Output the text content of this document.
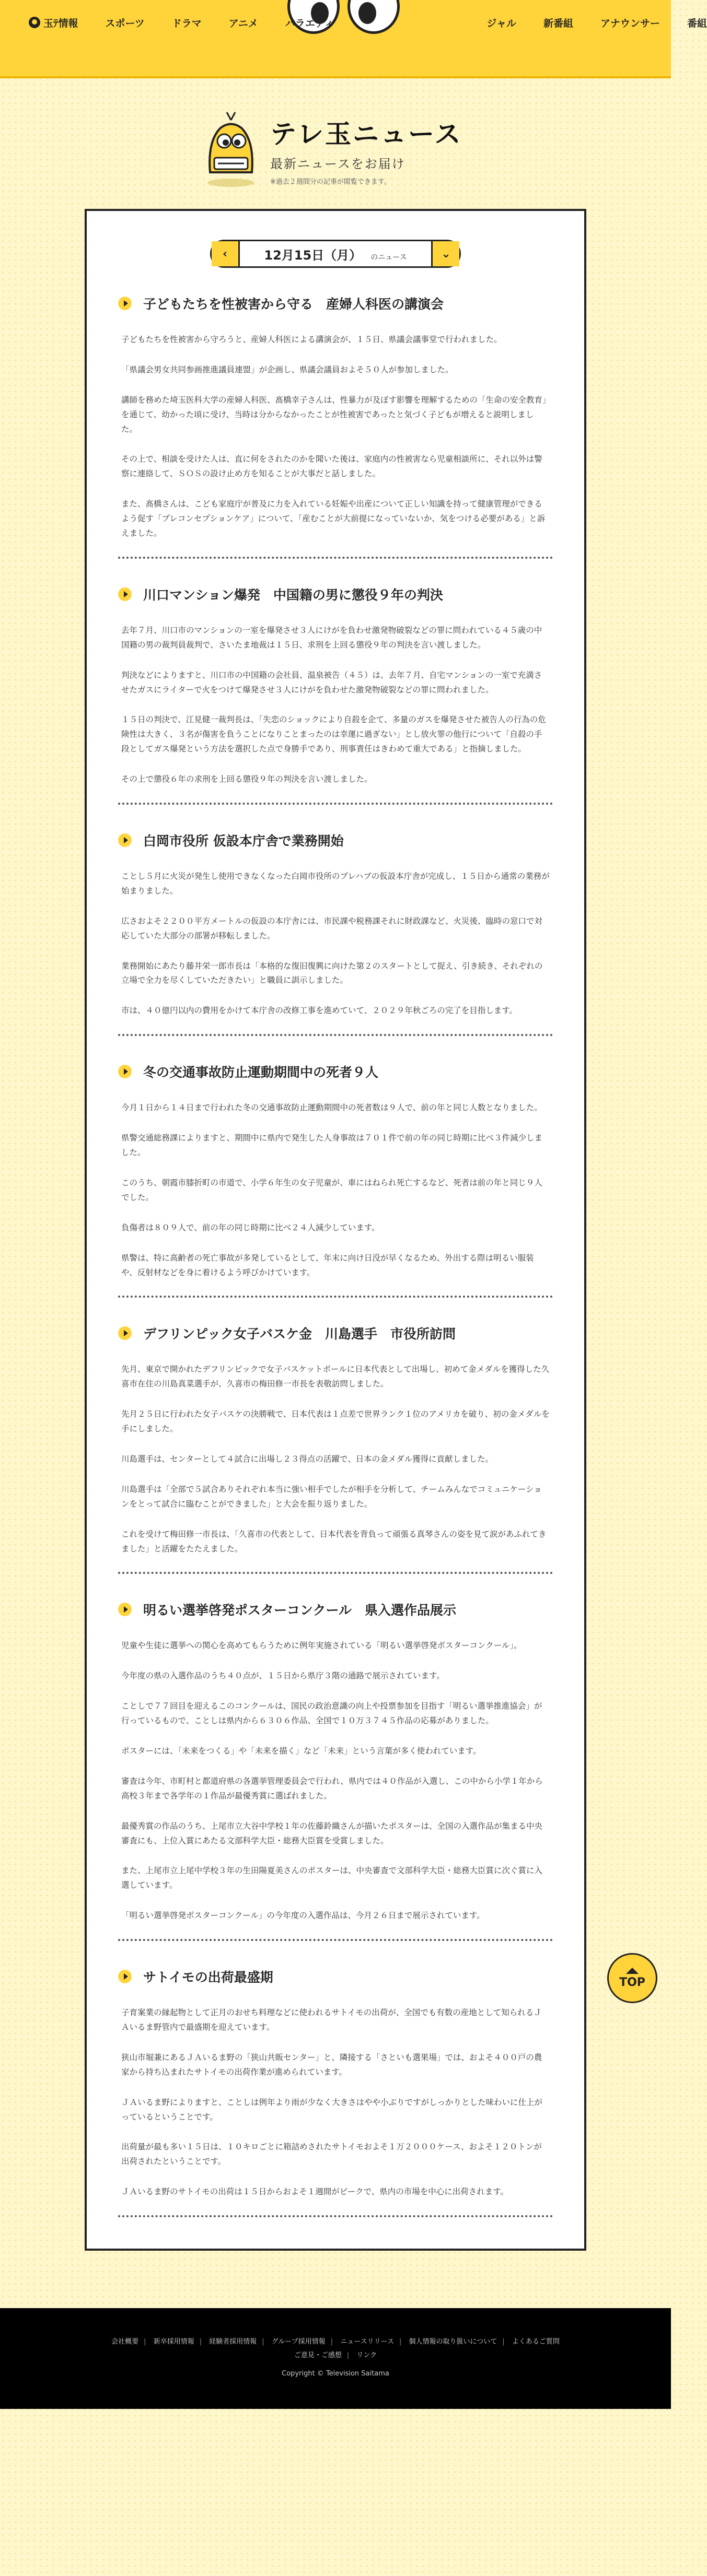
玉ﾃ情報	スポーツ	ドラマ	アニメ	バラエティ	ジャル	新番組	アナウンサー	番組
テレ玉ニュース
最新ニュースをお届け
※過去２週間分の記事が閲覧できます。
‹	12月15日（月） のニュース	⌄
子どもたちを性被害から守る　産婦人科医の講演会

子どもたちを性被害から守ろうと、産婦人科医による講演会が、１５日、県議会議事堂で行われました。

「県議会男女共同参画推進議員連盟」が企画し、県議会議員およそ５０人が参加しました。

講師を務めた埼玉医科大学の産婦人科医、髙橋幸子さんは、性暴力が及ぼす影響を理解するための「生命の安全教育」を通じて、幼かった頃に受け、当時は分からなかったことが性被害であったと気づく子どもが増えると説明しました。

その上で、相談を受けた人は、直に何をされたのかを聞いた後は、家庭内の性被害なら児童相談所に、それ以外は警察に連絡して、ＳＯＳの設け止め方を知ることが大事だと話しました。

また、髙橋さんは、こども家庭庁が普及に力を入れている妊娠や出産について正しい知識を持って健康管理ができるよう促す「プレコンセプションケア」について、「産むことが大前提になっていないか、気をつける必要がある」と訴えました。

川口マンション爆発　中国籍の男に懲役９年の判決

去年７月、川口市のマンションの一室を爆発させ３人にけがを負わせ激発物破裂などの罪に問われている４５歳の中国籍の男の裁判員裁判で、さいたま地裁は１５日、求刑を上回る懲役９年の判決を言い渡しました。

判決などによりますと、川口市の中国籍の会社員、温泉被告（４５）は、去年７月、自宅マンションの一室で充満させたガスにライターで火をつけて爆発させ３人にけがを負わせた激発物破裂などの罪に問われました。

１５日の判決で、江見健一裁判長は、「失恋のショックにより自殺を企て、多量のガスを爆発させた被告人の行為の危険性は大きく、３名が傷害を負うことになりことまったのは幸運に過ぎない」とし放火罪の他行について「自殺の手段としてガス爆発という方法を選択した点で身勝手であり、刑事責任はきわめて重大である」と指摘しました。

その上で懲役６年の求刑を上回る懲役９年の判決を言い渡しました。

白岡市役所 仮設本庁舎で業務開始

ことし５月に火災が発生し使用できなくなった白岡市役所のプレハブの仮設本庁舎が完成し、１５日から通常の業務が始まりました。

広さおよそ２２００平方メートルの仮設の本庁舎には、市民課や税務課それに財政課など、火災後、臨時の窓口で対応していた大部分の部署が移転しました。

業務開始にあたり藤井栄一郎市長は「本格的な復旧復興に向けた第２のスタートとして捉え、引き続き、それぞれの立場で全力を尽くしていただきたい」と職員に訓示しました。

市は、４０億円以内の費用をかけて本庁舎の改修工事を進めていて、２０２９年秋ごろの完了を目指します。

冬の交通事故防止運動期間中の死者９人

今月１日から１４日まで行われた冬の交通事故防止運動期間中の死者数は９人で、前の年と同じ人数となりました。

県警交通総務課によりますと、期間中に県内で発生した人身事故は７０１件で前の年の同じ時期に比べ３件減少しました。

このうち、朝霞市膝折町の市道で、小学６年生の女子児童が、車にはねられ死亡するなど、死者は前の年と同じ９人でした。

負傷者は８０９人で、前の年の同じ時期に比べ２４人減少しています。

県警は、特に高齢者の死亡事故が多発しているとして、年末に向け日没が早くなるため、外出する際は明るい服装や、反射材などを身に着けるよう呼びかけています。

デフリンピック女子バスケ金　川島選手　市役所訪問

先月、東京で開かれたデフリンピックで女子バスケットボールに日本代表として出場し、初めて金メダルを獲得した久喜市在住の川島真菜選手が、久喜市の梅田修一市長を表敬訪問しました。

先月２５日に行われた女子バスケの決勝戦で、日本代表は１点差で世界ランク１位のアメリカを破り、初の金メダルを手にしました。

川島選手は、センターとして４試合に出場し２３得点の活躍で、日本の金メダル獲得に貢献しました。

川島選手は「全部で５試合ありそれぞれ本当に強い相手でしたが相手を分析して、チームみんなでコミュニケーションをとって試合に臨むことができました」と大会を振り返りました。

これを受けて梅田修一市長は、「久喜市の代表として、日本代表を背負って頑張る真琴さんの姿を見て涙があふれてきました」と活躍をたたえました。

明るい選挙啓発ポスターコンクール　県入選作品展示

児童や生徒に選挙への関心を高めてもらうために例年実施されている「明るい選挙啓発ポスターコンクール」。

今年度の県の入選作品のうち４０点が、１５日から県庁３階の通路で展示されています。

ことしで７７回目を迎えるこのコンクールは、国民の政治意識の向上や投票参加を目指す「明るい選挙推進協会」が行っているもので、ことしは県内から６３０６作品、全国で１０万３７４５作品の応募がありました。

ポスターには、「未来をつくる」や「未来を描く」など「未来」という言葉が多く使われています。

審査は今年、市町村と都道府県の各選挙管理委員会で行われ、県内では４０作品が入選し、この中から小学１年から高校３年まで各学年の１作品が最優秀賞に選ばれました。

最優秀賞の作品のうち、上尾市立大谷中学校１年の佐藤鈴織さんが描いたポスターは、全国の入選作品が集まる中央審査にも、上位入賞にあたる文部科学大臣・総務大臣賞を受賞しました。

また、上尾市立上尾中学校３年の生田陽夏美さんのポスターは、中央審査で文部科学大臣・総務大臣賞に次ぐ賞に入選しています。

「明るい選挙啓発ポスターコンクール」の今年度の入選作品は、今月２６日まで展示されています。

サトイモの出荷最盛期

子育案業の縁起物として正月のおせち料理などに使われるサトイモの出荷が、全国でも有数の産地として知られるＪＡいるま野管内で最盛期を迎えています。

狭山市堀兼にあるＪＡいるま野の「狭山共販センター」と、隣接する「さといも選果場」では、およそ４００戸の農家から持ち込まれたサトイモの出荷作業が進められています。

ＪＡいるま野によりますと、ことしは例年より雨が少なく大きさはやや小ぶりですがしっかりとした味わいに仕上がっているということです。

出荷量が最も多い１５日は、１０キロごとに箱詰めされたサトイモおよそ１万２０００ケース、およそ１２０トンが出荷されたということです。

ＪＡいるま野のサトイモの出荷は１５日からおよそ１週間がピークで、県内の市場を中心に出荷されます。

TOP
会社概要 | 新卒採用情報 | 経験者採用情報 | グループ採用情報 | ニュースリリース | 個人情報の取り扱いについて | よくあるご質問
ご意見・ご感想 | リンク
Copyright © Television Saitama
